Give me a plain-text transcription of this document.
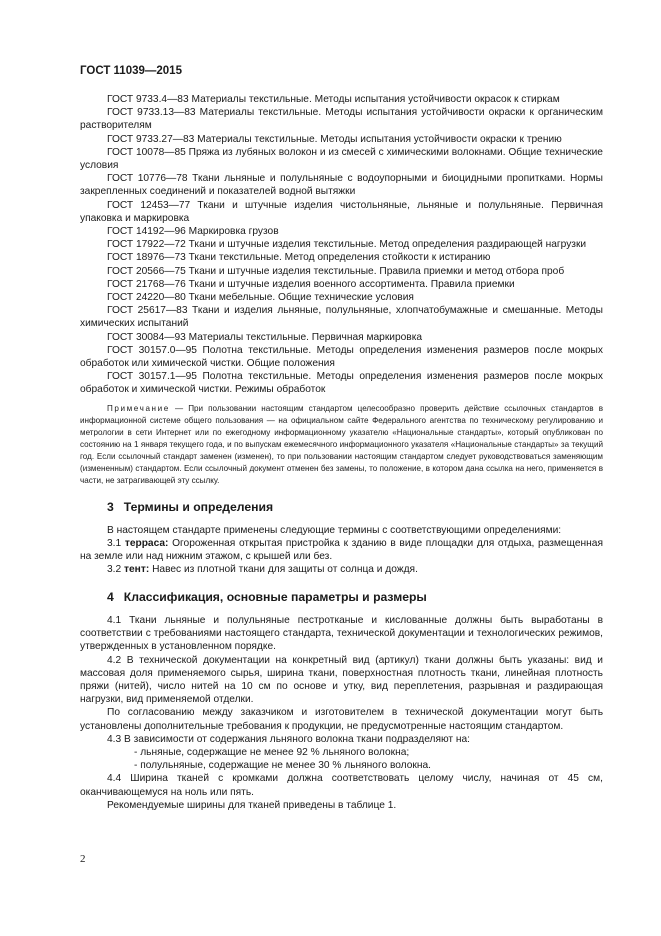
ГОСТ 11039—2015

ГОСТ 9733.4—83 Материалы текстильные. Методы испытания устойчивости окрасок к стиркам

ГОСТ 9733.13—83 Материалы текстильные. Методы испытания устойчивости окраски к органическим растворителям

ГОСТ 9733.27—83 Материалы текстильные. Методы испытания устойчивости окраски к трению

ГОСТ 10078—85 Пряжа из лубяных волокон и из смесей с химическими волокнами. Общие технические условия

ГОСТ 10776—78 Ткани льняные и полульняные с водоупорными и биоцидными пропитками. Нормы закрепленных соединений и показателей водной вытяжки

ГОСТ 12453—77 Ткани и штучные изделия чистольняные, льняные и полульняные. Первичная упаковка и маркировка

ГОСТ 14192—96 Маркировка грузов

ГОСТ 17922—72 Ткани и штучные изделия текстильные. Метод определения раздирающей нагрузки

ГОСТ 18976—73 Ткани текстильные. Метод определения стойкости к истиранию

ГОСТ 20566—75 Ткани и штучные изделия текстильные. Правила приемки и метод отбора проб

ГОСТ 21768—76 Ткани и штучные изделия военного ассортимента. Правила приемки

ГОСТ 24220—80 Ткани мебельные. Общие технические условия

ГОСТ 25617—83 Ткани и изделия льняные, полульняные, хлопчатобумажные и смешанные. Методы химических испытаний

ГОСТ 30084—93 Материалы текстильные. Первичная маркировка

ГОСТ 30157.0—95 Полотна текстильные. Методы определения изменения размеров после мокрых обработок или химической чистки. Общие положения

ГОСТ 30157.1—95 Полотна текстильные. Методы определения изменения размеров после мокрых обработок и химической чистки. Режимы обработок

Примечание — При пользовании настоящим стандартом целесообразно проверить действие ссылочных стандартов в информационной системе общего пользования — на официальном сайте Федерального агентства по техническому регулированию и метрологии в сети Интернет или по ежегодному информационному указателю «Национальные стандарты», который опубликован по состоянию на 1 января текущего года, и по выпускам ежемесячного информационного указателя «Национальные стандарты» за текущий год. Если ссылочный стандарт заменен (изменен), то при пользовании настоящим стандартом следует руководствоваться заменяющим (измененным) стандартом. Если ссылочный документ отменен без замены, то положение, в котором дана ссылка на него, применяется в части, не затрагивающей эту ссылку.

3 Термины и определения

В настоящем стандарте применены следующие термины с соответствующими определениями:

3.1 терраса: Огороженная открытая пристройка к зданию в виде площадки для отдыха, размещенная на земле или над нижним этажом, с крышей или без.

3.2 тент: Навес из плотной ткани для защиты от солнца и дождя.

4 Классификация, основные параметры и размеры

4.1 Ткани льняные и полульняные пестротканые и кислованные должны быть выработаны в соответствии с требованиями настоящего стандарта, технической документации и технологических режимов, утвержденных в установленном порядке.

4.2 В технической документации на конкретный вид (артикул) ткани должны быть указаны: вид и массовая доля применяемого сырья, ширина ткани, поверхностная плотность ткани, линейная плотность пряжи (нитей), число нитей на 10 см по основе и утку, вид переплетения, разрывная и раздирающая нагрузки, вид применяемой отделки.

По согласованию между заказчиком и изготовителем в технической документации могут быть установлены дополнительные требования к продукции, не предусмотренные настоящим стандартом.

4.3 В зависимости от содержания льняного волокна ткани подразделяют на:

- льняные, содержащие не менее 92 % льняного волокна;

- полульняные, содержащие не менее 30 % льняного волокна.

4.4 Ширина тканей с кромками должна соответствовать целому числу, начиная от 45 см, оканчивающемуся на ноль или пять.

Рекомендуемые ширины для тканей приведены в таблице 1.

2
